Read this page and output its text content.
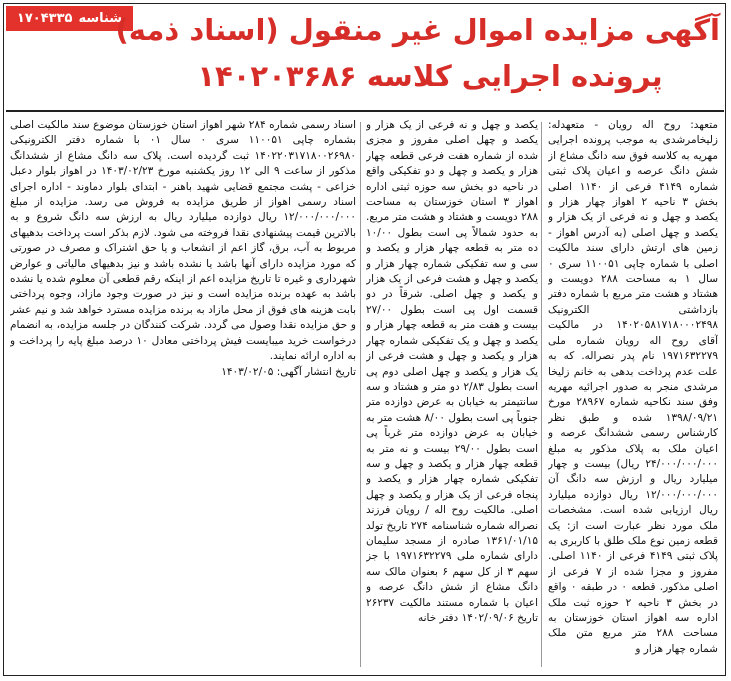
شناسه
۱۷۰۴۳۳۵ آگهی مزایده اموال غیر منقول (اسناد ذمه)
پرونده اجرایی کلاسه ۱۴۰۲۰۳۶۸۶

متعهد: روح اله رویان - متعهدله: زلیخامرشدی به موجب پرونده اجرایی مهریه به کلاسه فوق سه دانگ مشاع از شش دانگ عرصه و اعیان پلاک ثبتی شماره ۴۱۴۹ فرعی از ۱۱۴۰ اصلی بخش ۳ ناحیه ۲ اهواز چهار هزار و یکصد و چهل و نه فرعی از یک هزار و یکصد و چهل اصلی (به آدرس اهواز - زمین های ارتش دارای سند مالکیت اصلی با شماره چاپی ۱۱۰۰۵۱ سری ۰ سال ۱ به مساحت ۲۸۸ دویست و هشتاد و هشت متر مربع با شماره دفتر بازداشتی الکترونیک ۱۴۰۲۰۵۸۱۷۱۸۰۰۰۲۴۹۸ در مالکیت آقای روح اله رویان شماره ملی ۱۹۷۱۶۳۲۲۷۹ نام پدر نصراله. که به علت عدم پرداخت بدهی به خانم زلیخا مرشدی منجر به صدور اجرائیه مهریه وفق سند نکاحیه شماره ۲۸۹۶۷ مورخ ۱۳۹۸/۰۹/۲۱ شده و طبق نظر کارشناس رسمی ششدانگ عرصه و اعیان ملک به پلاک مذکور به مبلغ ۲۴/۰۰۰/۰۰۰/۰۰۰ ریال) بیست و چهار میلیارد ریال و ارزش سه دانگ آن ۱۲/۰۰۰/۰۰۰/۰۰۰ ریال دوازده میلیارد ریال ارزیابی شده است. مشخصات ملک مورد نظر عبارت است از: یک قطعه زمین نوع ملک طلق با کاربری به پلاک ثبتی ۴۱۴۹ فرعی از ۱۱۴۰ اصلی. مفروز و مجزا شده از ۷ فرعی از اصلی مذکور. قطعه ۰ در طبقه ۰ واقع در بخش ۳ ناحیه ۲ حوزه ثبت ملک اداره سه اهواز استان خوزستان به مساحت ۲۸۸ متر مربع متن ملک شماره چهار هزار و

یکصد و چهل و نه فرعی از یک هزار و یکصد و چهل اصلی مفروز و مجزی شده از شماره هفت فرعی قطعه چهار هزار و یکصد و چهل و دو تفکیکی واقع در ناحیه دو بخش سه حوزه ثبتی اداره اهواز ۳ استان خوزستان به مساحت ۲۸۸ دویست و هشتاد و هشت متر مربع. به حدود شمالاً پی است بطول ۱۰/۰۰ ده متر به قطعه چهار هزار و یکصد و سی و سه تفکیکی شماره چهار هزار و یکصد و چهل و هشت فرعی از یک هزار و یکصد و چهل اصلی. شرقاً در دو قسمت اول پی است بطول ۲۷/۰۰ بیست و هفت متر به قطعه چهار هزار و یکصد و چهل و یک تفکیکی شماره چهار هزار و یکصد و چهل و هشت فرعی از یک هزار و یکصد و چهل اصلی دوم پی است بطول ۲/۸۳ دو متر و هشتاد و سه سانتیمتر به خیابان به عرض دوازده متر جنوباً پی است بطول ۸/۰۰ هشت متر به خیابان به عرض دوازده متر غرباً پی است بطول ۲۹/۰۰ بیست و نه متر به قطعه چهار هزار و یکصد و چهل و سه تفکیکی شماره چهار هزار و یکصد و پنجاه فرعی از یک هزار و یکصد و چهل اصلی. مالکیت روح اله / رویان فرزند نصراله شماره شناسنامه ۲۷۴ تاریخ تولد ۱۳۶۱/۰۱/۱۵ صادره از مسجد سلیمان دارای شماره ملی ۱۹۷۱۶۳۲۲۷۹ با جز سهم ۳ از کل سهم ۶ بعنوان مالک سه دانگ مشاع از شش دانگ عرصه و اعیان با شماره مستند مالکیت ۲۶۲۳۷ تاریخ ۱۴۰۲/۰۹/۰۶ دفتر خانه

اسناد رسمی شماره ۲۸۴ شهر اهواز استان خوزستان موضوع سند مالکیت اصلی بشماره چاپی ۱۱۰۰۵۱ سری ۰ سال ۰۱ با شماره دفتر الکترونیکی ۱۴۰۲۲۰۳۱۷۱۸۰۰۲۶۹۸۰ ثبت گردیده است. پلاک سه دانگ مشاع از ششدانگ مذکور از ساعت ۹ الی ۱۲ روز یکشنبه مورخ ۱۴۰۳/۰۲/۲۳ در اهواز بلوار دعبل خزاعی - پشت مجتمع قضایی شهید باهنر - ابتدای بلوار دماوند - اداره اجرای اسناد رسمی اهواز از طریق مزایده به فروش می رسد. مزایده از مبلغ ۱۲/۰۰۰/۰۰۰/۰۰۰ ریال دوازده میلیارد ریال به ارزش سه دانگ شروع و به بالاترین قیمت پیشنهادی نقدا فروخته می شود. لازم بذکر است پرداخت بدهیهای مربوط به آب، برق، گاز اعم از انشعاب و یا حق اشتراک و مصرف در صورتی که مورد مزایده دارای آنها باشد یا نشده باشد و نیز بدهیهای مالیاتی و عوارض شهرداری و غیره تا تاریخ مزایده اعم از اینکه رقم قطعی آن معلوم شده یا نشده باشد به عهده برنده مزایده است و نیز در صورت وجود مازاد، وجوه پرداختی بابت هزینه های فوق از محل مازاد به برنده مزایده مسترد خواهد شد و نیم عشر و حق مزایده نقدا وصول می گردد. شرکت کنندگان در جلسه مزایده، به انضمام درخواست خرید میبایست فیش پرداختی معادل ۱۰ درصد مبلغ پایه را پرداخت و به اداره ارائه نمایند.

تاریخ انتشار آگهی: ۱۴۰۳/۰۲/۰۵
